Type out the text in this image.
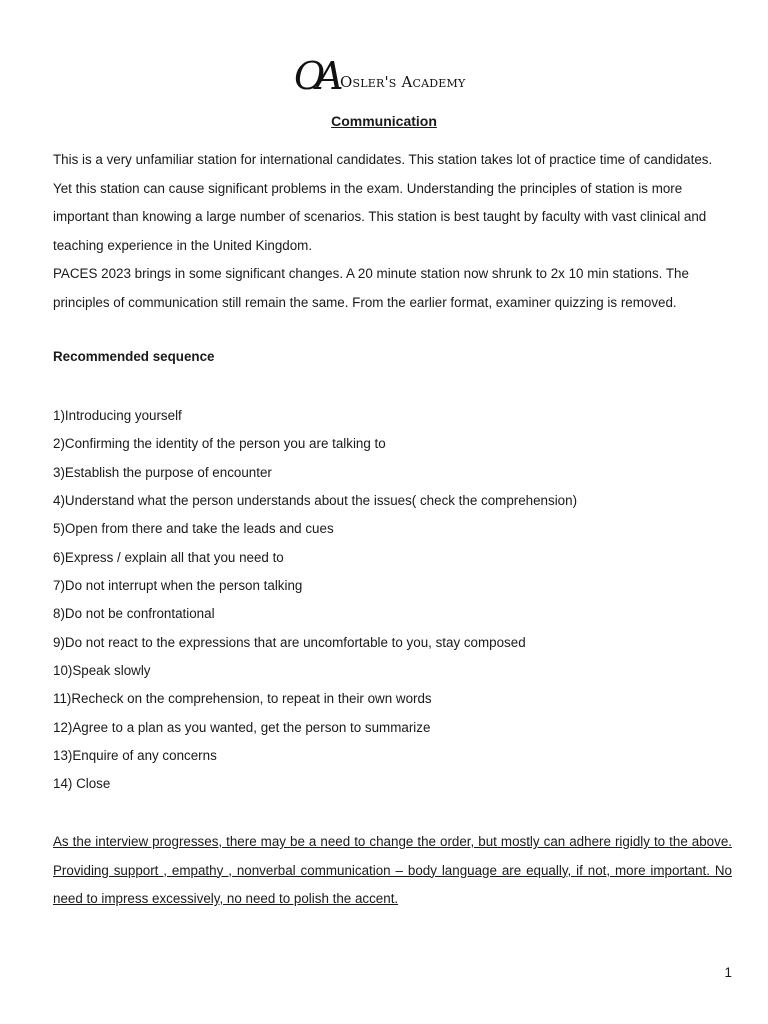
OA Osler's Academy
Communication

This is a very unfamiliar station for international candidates. This station takes lot of practice time of candidates. Yet this station can cause significant problems in the exam. Understanding the principles of station is more important than knowing a large number of scenarios. This station is best taught by faculty with vast clinical and teaching experience in the United Kingdom.

PACES 2023 brings in some significant changes. A 20 minute station now shrunk to 2x 10 min stations. The principles of communication still remain the same. From the earlier format, examiner quizzing is removed.

Recommended sequence
1)Introducing yourself
2)Confirming the identity of the person you are talking to
3)Establish the purpose of encounter
4)Understand what the person understands about the issues( check the comprehension)
5)Open from there and take the leads and cues
6)Express / explain all that you need to
7)Do not interrupt when the person talking
8)Do not be confrontational
9)Do not react to the expressions that are uncomfortable to you, stay composed
10)Speak slowly
11)Recheck on the comprehension, to repeat in their own words
12)Agree to a plan as you wanted, get the person to summarize
13)Enquire of any concerns
14) Close
As the interview progresses, there may be a need to change the order, but mostly can adhere rigidly to the above. Providing support , empathy , nonverbal communication – body language are equally, if not, more important. No need to impress excessively, no need to polish the accent.
1
